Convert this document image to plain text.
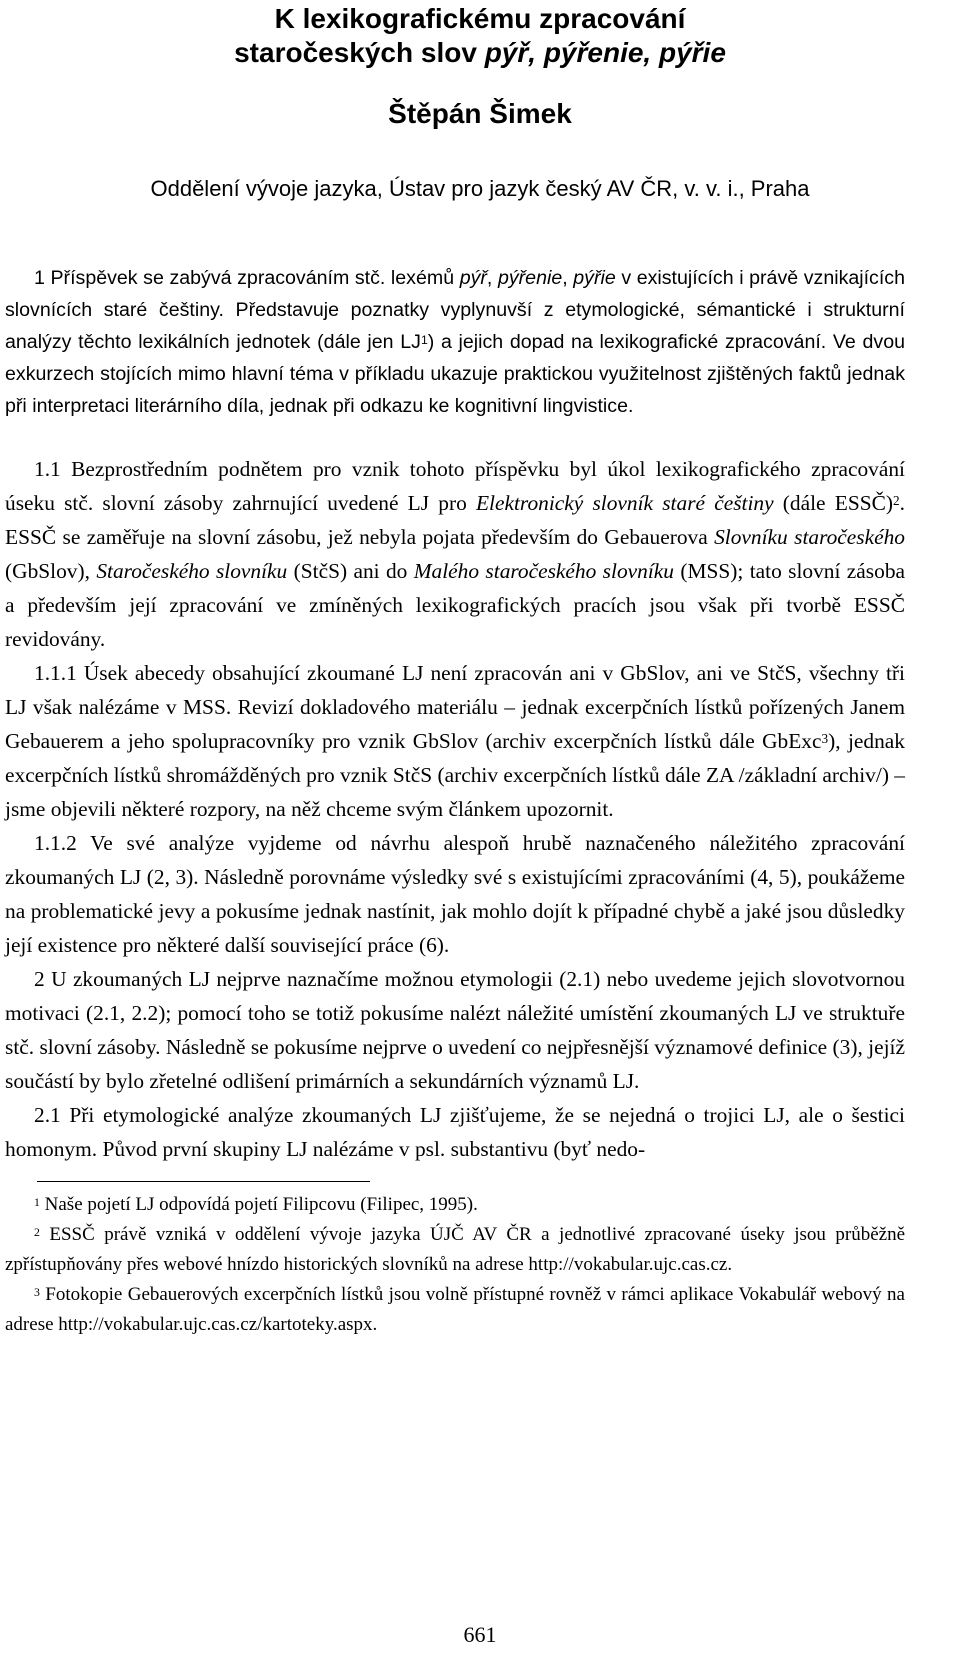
K lexikografickému zpracování
staročeských slov pýř, pýřenie, pýřie
Štěpán Šimek
Oddělení vývoje jazyka, Ústav pro jazyk český AV ČR, v. v. i., Praha

1 Příspěvek se zabývá zpracováním stč. lexémů pýř, pýřenie, pýřie v existujících i právě vznikajících slovnících staré češtiny. Představuje poznatky vyplynuvší z etymologické, sémantické i strukturní analýzy těchto lexikálních jednotek (dále jen $LJ^1$) a jejich dopad na lexikografické zpracování. Ve dvou exkurzech stojících mimo hlavní téma v příkladu ukazuje praktickou využitelnost zjištěných faktů jednak při interpretaci literárního díla, jednak při odkazu ke kognitivní lingvistice.

1.1 Bezprostředním podnětem pro vznik tohoto příspěvku byl úkol lexikografického zpracování úseku stč. slovní zásoby zahrnující uvedené LJ pro Elektronický slovník staré češtiny (dále ESSČ)$^2$. ESSČ se zaměřuje na slovní zásobu, jež nebyla pojata především do Gebauerova Slovníku staročeského (GbSlov), Staročeského slovníku (StčS) ani do Malého staročeského slovníku (MSS); tato slovní zásoba a především její zpracování ve zmíněných lexikografických pracích jsou však při tvorbě ESSČ revidovány.

1.1.1 Úsek abecedy obsahující zkoumané LJ není zpracován ani v GbSlov, ani ve StčS, všechny tři LJ však nalézáme v MSS. Revizí dokladového materiálu – jednak excerpčních lístků pořízených Janem Gebauerem a jeho spolupracovníky pro vznik GbSlov (archiv excerpčních lístků dále GbExc$^3$), jednak excerpčních lístků shromážděných pro vznik StčS (archiv excerpčních lístků dále ZA /základní archiv/) – jsme objevili některé rozpory, na něž chceme svým článkem upozornit.

1.1.2 Ve své analýze vyjdeme od návrhu alespoň hrubě naznačeného náležitého zpracování zkoumaných LJ (2, 3). Následně porovnáme výsledky své s existujícími zpracováními (4, 5), poukážeme na problematické jevy a pokusíme jednak nastínit, jak mohlo dojít k případné chybě a jaké jsou důsledky její existence pro některé další související práce (6).

2 U zkoumaných LJ nejprve naznačíme možnou etymologii (2.1) nebo uvedeme jejich slovotvornou motivaci (2.1, 2.2); pomocí toho se totiž pokusíme nalézt náležité umístění zkoumaných LJ ve struktuře stč. slovní zásoby. Následně se pokusíme nejprve o uvedení co nejpřesnější významové definice (3), jejíž součástí by bylo zřetelné odlišení primárních a sekundárních významů LJ.

2.1 Při etymologické analýze zkoumaných LJ zjišťujeme, že se nejedná o trojici LJ, ale o šestici homonym. Původ první skupiny LJ nalézáme v psl. substantivu (byť nedo-

$^1$ Naše pojetí LJ odpovídá pojetí Filipcovu (Filipec, 1995).

$^2$ ESSČ právě vzniká v oddělení vývoje jazyka ÚJČ AV ČR a jednotlivé zpracované úseky jsou průběžně zpřístupňovány přes webové hnízdo historických slovníků na adrese http://vokabular.ujc.cas.cz.

$^3$ Fotokopie Gebauerových excerpčních lístků jsou volně přístupné rovněž v rámci aplikace Vokabulář webový na adrese http://vokabular.ujc.cas.cz/kartoteky.aspx.

661
